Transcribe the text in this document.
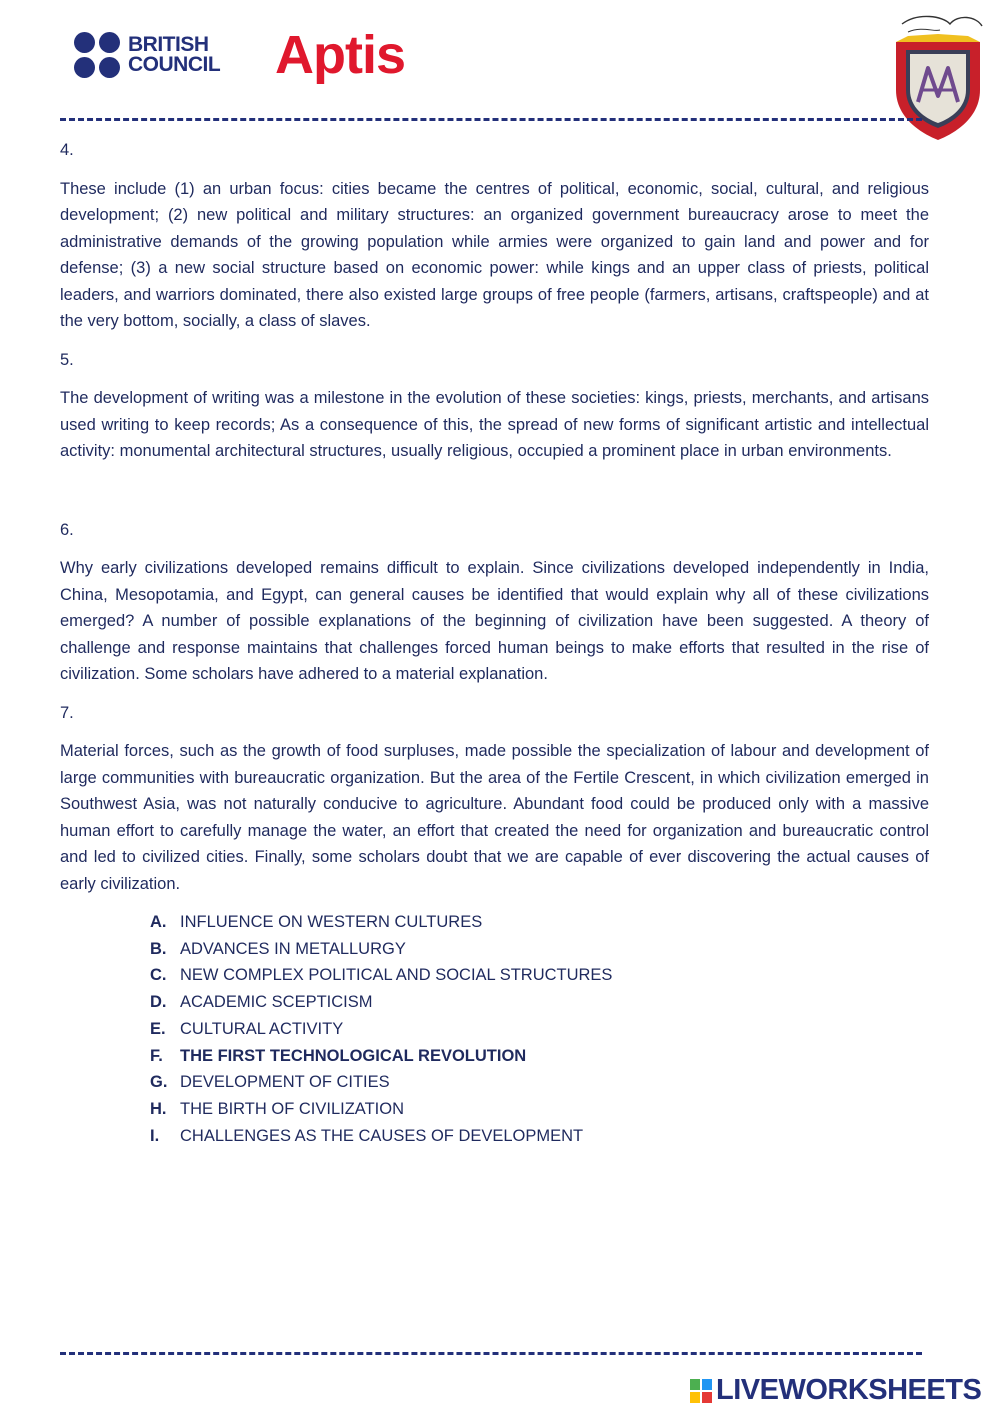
BRITISH
COUNCIL Aptis

4.

These include (1) an urban focus: cities became the centres of political, economic, social, cultural, and religious development; (2) new political and military structures: an organized government bureaucracy arose to meet the administrative demands of the growing population while armies were organized to gain land and power and for defense; (3) a new social structure based on economic power: while kings and an upper class of priests, political leaders, and warriors dominated, there also existed large groups of free people (farmers, artisans, craftspeople) and at the very bottom, socially, a class of slaves.

5.

The development of writing was a milestone in the evolution of these societies: kings, priests, merchants, and artisans used writing to keep records; As a consequence of this, the spread of new forms of significant artistic and intellectual activity: monumental architectural structures, usually religious, occupied a prominent place in urban environments.

6.

Why early civilizations developed remains difficult to explain. Since civilizations developed independently in India, China, Mesopotamia, and Egypt, can general causes be identified that would explain why all of these civilizations emerged? A number of possible explanations of the beginning of civilization have been suggested. A theory of challenge and response maintains that challenges forced human beings to make efforts that resulted in the rise of civilization. Some scholars have adhered to a material explanation.

7.

Material forces, such as the growth of food surpluses, made possible the specialization of labour and development of large communities with bureaucratic organization. But the area of the Fertile Crescent, in which civilization emerged in Southwest Asia, was not naturally conducive to agriculture. Abundant food could be produced only with a massive human effort to carefully manage the water, an effort that created the need for organization and bureaucratic control and led to civilized cities. Finally, some scholars doubt that we are capable of ever discovering the actual causes of early civilization.

A. INFLUENCE ON WESTERN CULTURES
B. ADVANCES IN METALLURGY
C. NEW COMPLEX POLITICAL AND SOCIAL STRUCTURES
D. ACADEMIC SCEPTICISM
E. CULTURAL ACTIVITY
F.	THE FIRST TECHNOLOGICAL REVOLUTION
G. DEVELOPMENT OF CITIES
H. THE BIRTH OF CIVILIZATION
I.	CHALLENGES AS THE CAUSES OF DEVELOPMENT
LIVEWORKSHEETS
